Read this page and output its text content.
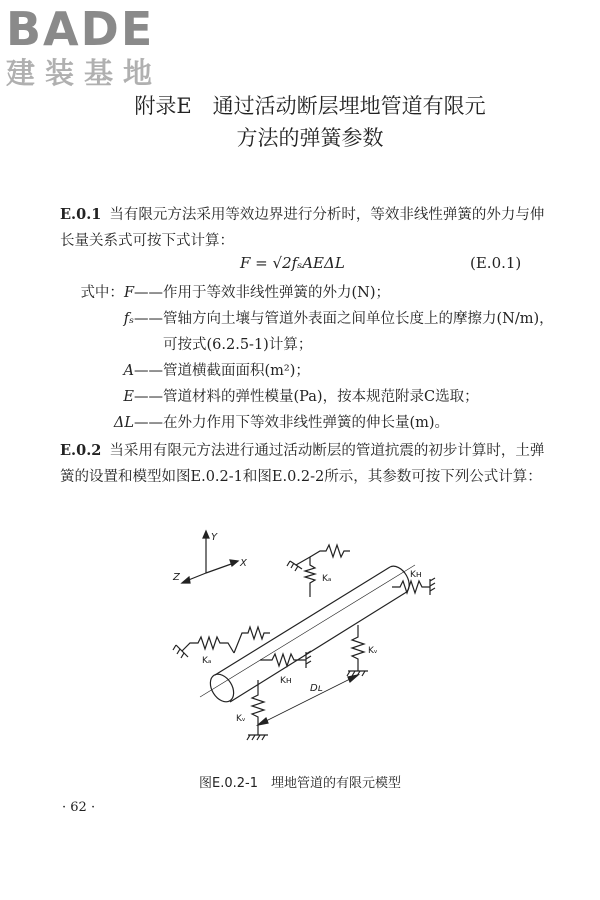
BADE
建装基地
附录E　通过活动断层埋地管道有限元
方法的弹簧参数

E.0.1 当有限元方法采用等效边界进行分析时，等效非线性弹簧的外力与伸长量关系式可按下式计算：

F = √2fₛAEΔL	(E.0.1)
式中：F —— 作用于等效非线性弹簧的外力(N)；
fₛ —— 管轴方向土壤与管道外表面之间单位长度上的摩擦力(N/m)，可按式(6.2.5-1)计算；
A —— 管道横截面面积(m²)；
E —— 管道材料的弹性模量(Pa)，按本规范附录C选取；
ΔL —— 在外力作用下等效非线性弹簧的伸长量(m)。

E.0.2 当采用有限元方法进行通过活动断层的管道抗震的初步计算时，土弹簧的设置和模型如图E.0.2-1和图E.0.2-2所示，其参数可按下列公式计算：

Y
X
Z	Kₐ	Kʜ
Kₐ
Kᵥ
Kʜ
Kᵥ
Dʟ
图E.0.2-1　埋地管道的有限元模型
· 62 ·
